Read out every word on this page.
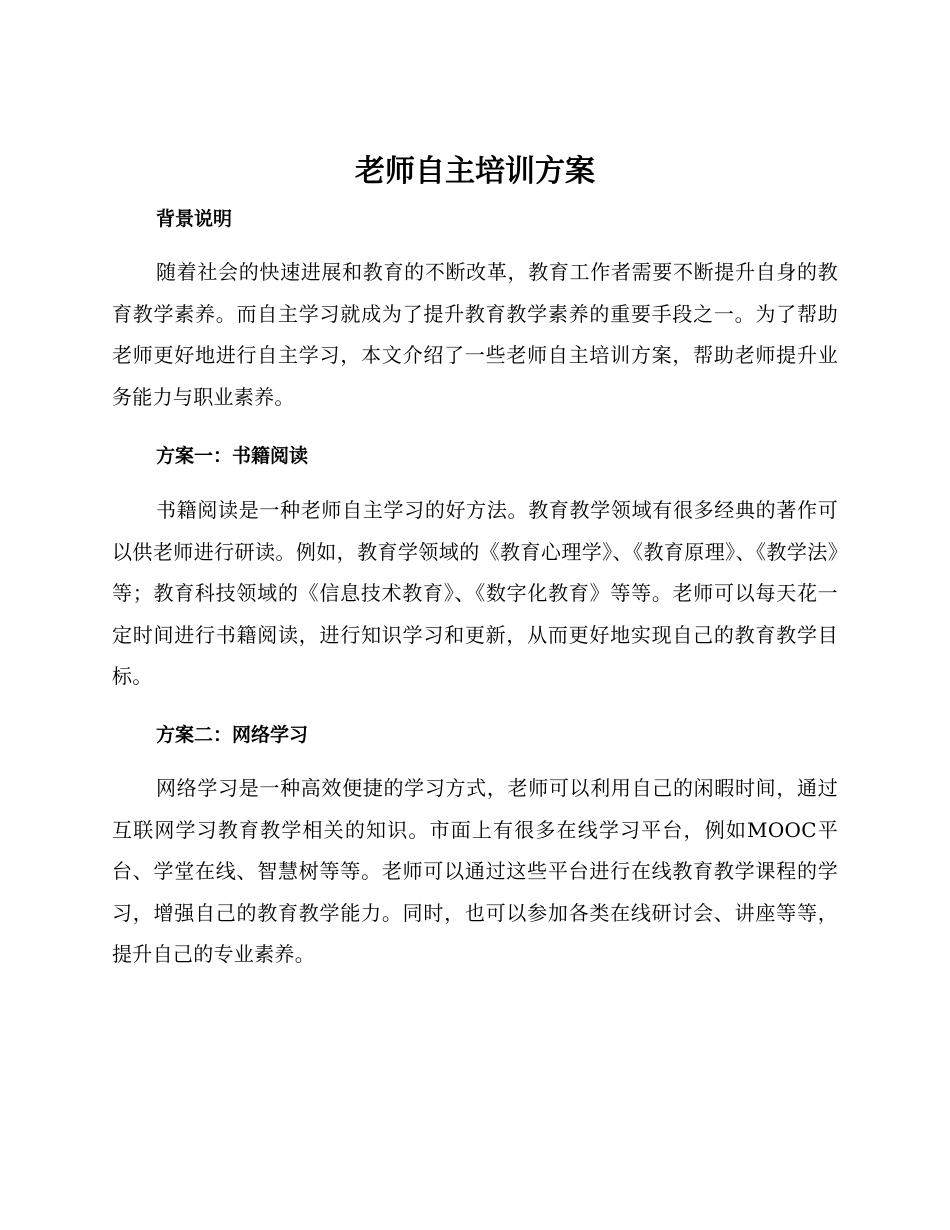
老师自主培训方案
背景说明

随着社会的快速进展和教育的不断改革，教育工作者需要不断提升自身的教育教学素养。而自主学习就成为了提升教育教学素养的重要手段之一。为了帮助老师更好地进行自主学习，本文介绍了一些老师自主培训方案，帮助老师提升业务能力与职业素养。

方案一：书籍阅读

书籍阅读是一种老师自主学习的好方法。教育教学领域有很多经典的著作可以供老师进行研读。例如，教育学领域的《教育心理学》、《教育原理》、《教学法》等；教育科技领域的《信息技术教育》、《数字化教育》等等。老师可以每天花一定时间进行书籍阅读，进行知识学习和更新，从而更好地实现自己的教育教学目标。

方案二：网络学习

网络学习是一种高效便捷的学习方式，老师可以利用自己的闲暇时间，通过互联网学习教育教学相关的知识。市面上有很多在线学习平台，例如MOOC平台、学堂在线、智慧树等等。老师可以通过这些平台进行在线教育教学课程的学习，增强自己的教育教学能力。同时，也可以参加各类在线研讨会、讲座等等，提升自己的专业素养。
